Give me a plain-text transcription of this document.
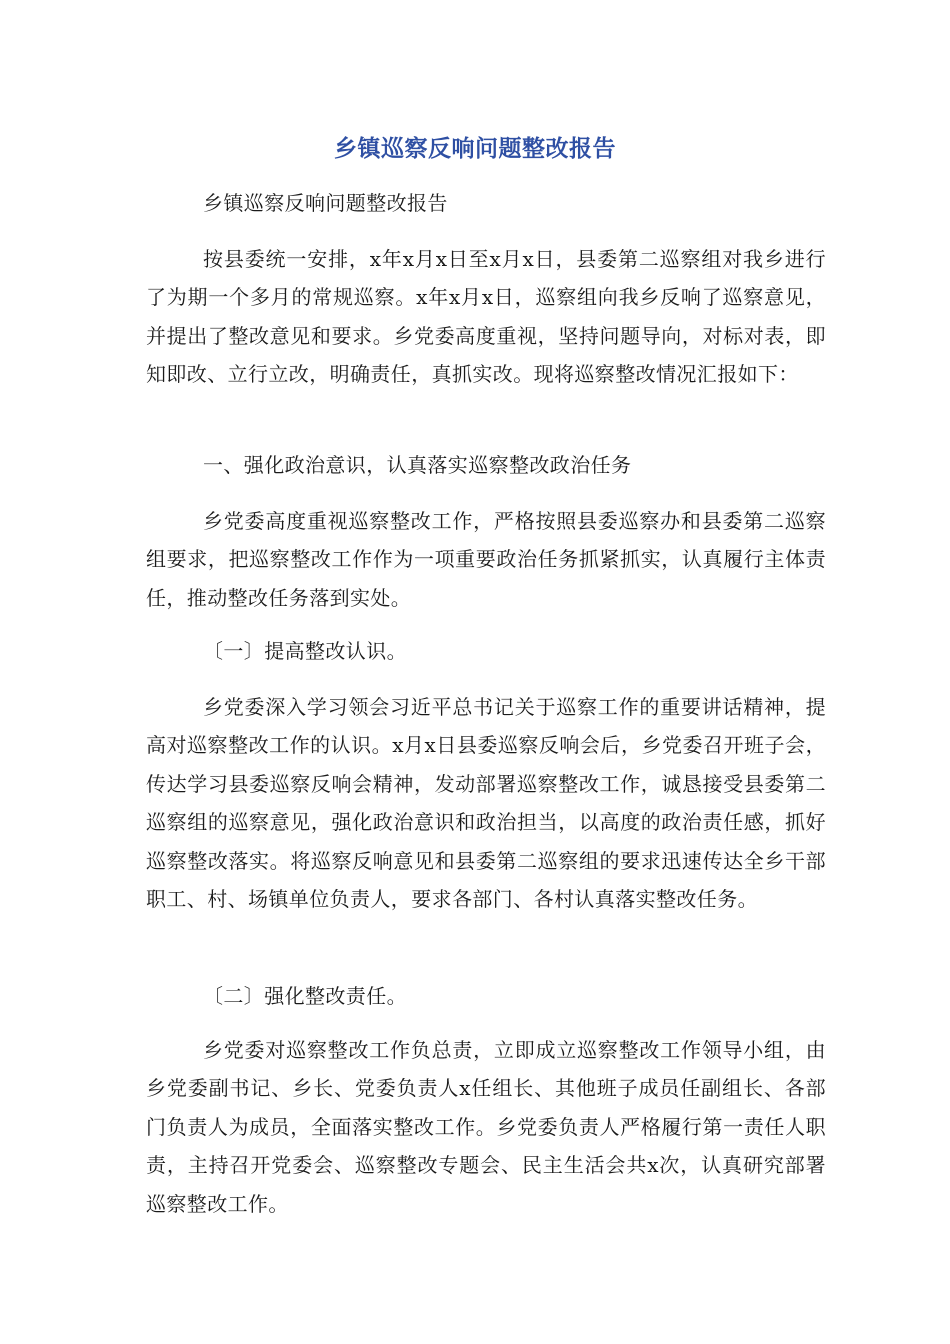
乡镇巡察反响问题整改报告

乡镇巡察反响问题整改报告

按县委统一安排，x年x月x日至x月x日，县委第二巡察组对我乡进行了为期一个多月的常规巡察。x年x月x日，巡察组向我乡反响了巡察意见，并提出了整改意见和要求。乡党委高度重视，坚持问题导向，对标对表，即知即改、立行立改，明确责任，真抓实改。现将巡察整改情况汇报如下：

一、强化政治意识，认真落实巡察整改政治任务

乡党委高度重视巡察整改工作，严格按照县委巡察办和县委第二巡察组要求，把巡察整改工作作为一项重要政治任务抓紧抓实，认真履行主体责任，推动整改任务落到实处。

〔一〕提高整改认识。

乡党委深入学习领会习近平总书记关于巡察工作的重要讲话精神，提高对巡察整改工作的认识。x月x日县委巡察反响会后，乡党委召开班子会，传达学习县委巡察反响会精神，发动部署巡察整改工作，诚恳接受县委第二巡察组的巡察意见，强化政治意识和政治担当，以高度的政治责任感，抓好巡察整改落实。将巡察反响意见和县委第二巡察组的要求迅速传达全乡干部职工、村、场镇单位负责人，要求各部门、各村认真落实整改任务。

〔二〕强化整改责任。

乡党委对巡察整改工作负总责，立即成立巡察整改工作领导小组，由乡党委副书记、乡长、党委负责人x任组长、其他班子成员任副组长、各部门负责人为成员，全面落实整改工作。乡党委负责人严格履行第一责任人职责，主持召开党委会、巡察整改专题会、民主生活会共x次，认真研究部署巡察整改工作。
